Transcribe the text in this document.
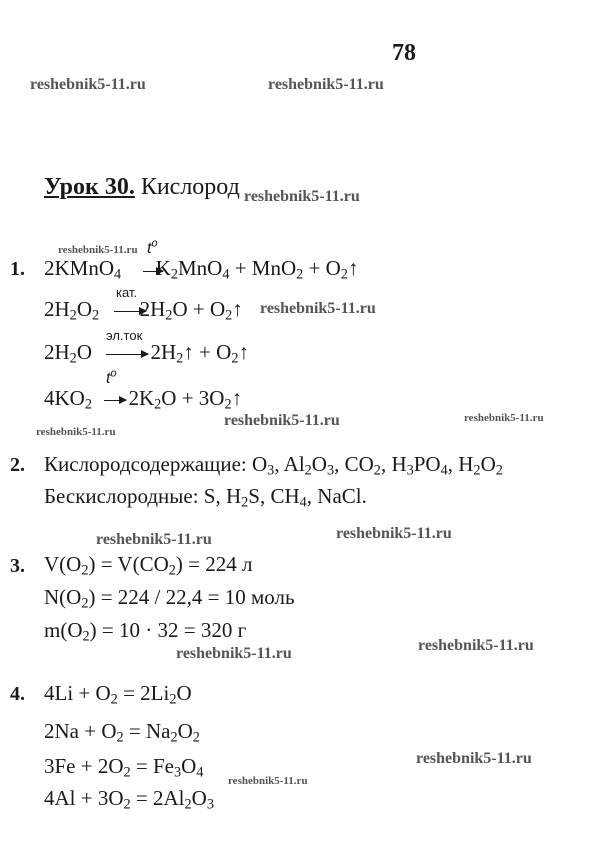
78
reshebnik5-11.ru	reshebnik5-11.ru
reshebnik5-11.ru
reshebnik5-11.ru
reshebnik5-11.ru
reshebnik5-11.ru	reshebnik5-11.ru
reshebnik5-11.ru
reshebnik5-11.ru
reshebnik5-11.ru
reshebnik5-11.ru
reshebnik5-11.ru
reshebnik5-11.ru
reshebnik5-11.ru
Урок 30. Кислород
1. 2KMnO$_4$ $K_2MnO_4 + MnO_2$ + $O_2↑$
$t^o$
$2H_2O_2$ $2H_2O$ + $O_2↑$
кат.
$2H_2O$	$2H_2↑$ + $O_2↑$
эл.ток
$4KO_2$ $2K_2O$ + $3O_2↑$
$t^o$
2. Кислородсодержащие: $O_3$, $Al_2O_3$, $CO_2$, $H_3PO_4$, $H_2O_2$
Бескислородные: S, $H_2S$, $CH_4$, NaCl.
3. $V(O_2) = V(CO_2) = 224$ л
$N(O_2) = 224 / 22,4 = 10$ моль
$m(O_2) = 10 \cdot 32 = 320$ г
4. $4Li + O_2 = 2Li_2O$
$2Na + O_2 = Na_2O_2$
$3Fe + 2O_2 = Fe_3O_4$
$4Al + 3O_2 = 2Al_2O_3$
